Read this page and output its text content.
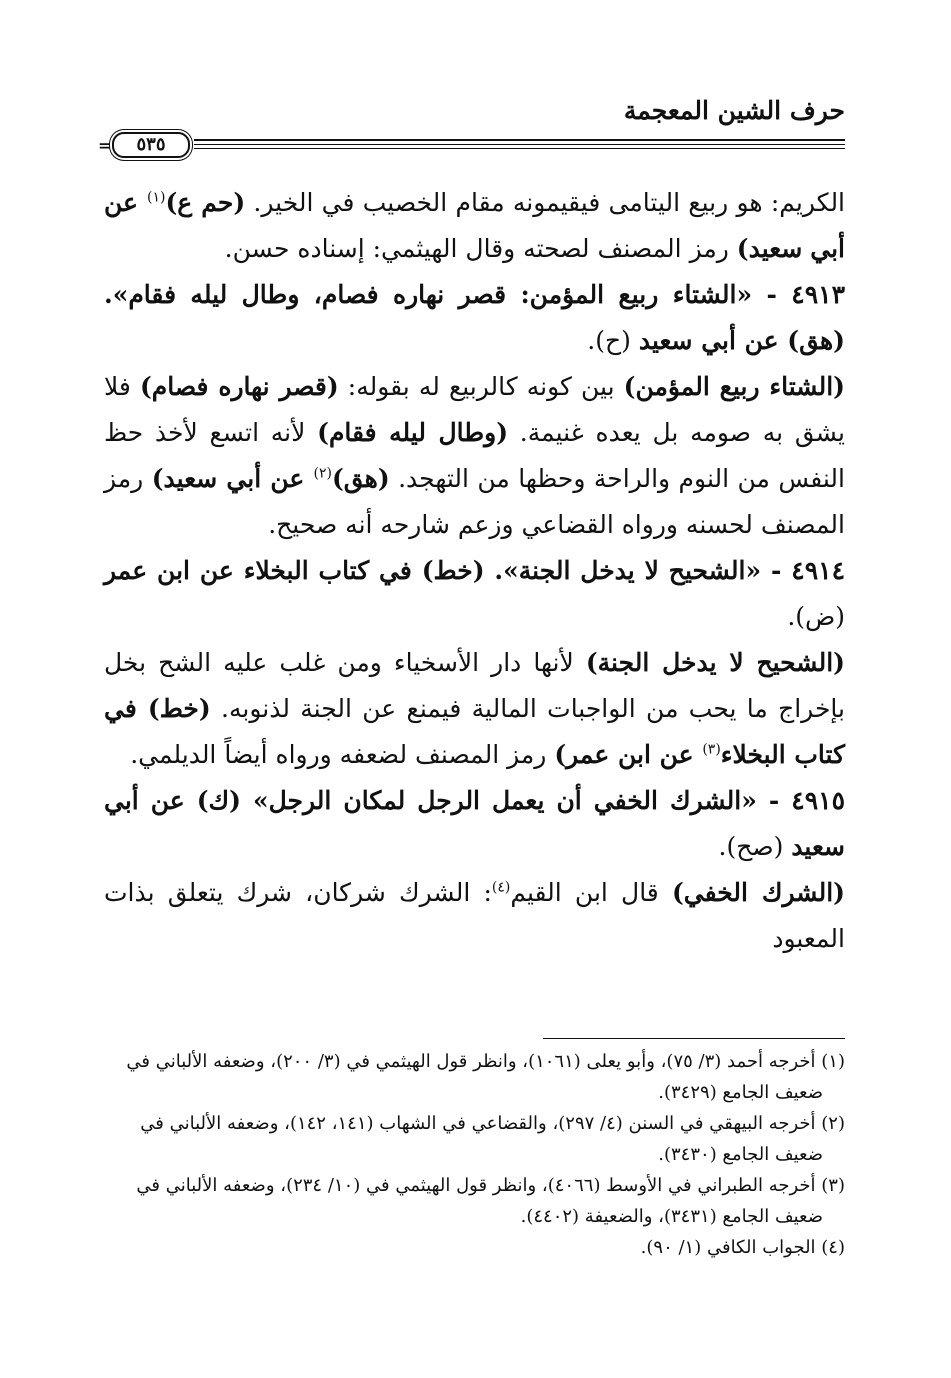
حرف الشين المعجمة
٥٣٥
=

الكريم: هو ربيع اليتامى فيقيمونه مقام الخصيب في الخير. (حم ع)$^{(١)}$ عن أبي سعيد) رمز المصنف لصحته وقال الهيثمي: إسناده حسن.

٤٩١٣ - «الشتاء ربيع المؤمن: قصر نهاره فصام، وطال ليله فقام». (هق) عن أبي سعيد (ح).

(الشتاء ربيع المؤمن) بين كونه كالربيع له بقوله: (قصر نهاره فصام) فلا يشق به صومه بل يعده غنيمة. (وطال ليله فقام) لأنه اتسع لأخذ حظ النفس من النوم والراحة وحظها من التهجد. (هق)$^{(٢)}$ عن أبي سعيد) رمز المصنف لحسنه ورواه القضاعي وزعم شارحه أنه صحيح.

٤٩١٤ - «الشحيح لا يدخل الجنة». (خط) في كتاب البخلاء عن ابن عمر (ض).

(الشحيح لا يدخل الجنة) لأنها دار الأسخياء ومن غلب عليه الشح بخل بإخراج ما يحب من الواجبات المالية فيمنع عن الجنة لذنوبه. (خط) في كتاب البخلاء$^{(٣)}$ عن ابن عمر) رمز المصنف لضعفه ورواه أيضاً الديلمي.

٤٩١٥ - «الشرك الخفي أن يعمل الرجل لمكان الرجل» (ك) عن أبي سعيد (صح).

(الشرك الخفي) قال ابن القيم$^{(٤)}$: الشرك شركان، شرك يتعلق بذات المعبود

(١) أخرجه أحمد (٣/ ٧٥)، وأبو يعلى (١٠٦١)، وانظر قول الهيثمي في (٣/ ٢٠٠)، وضعفه الألباني في
ضعيف الجامع (٣٤٢٩).

(٢) أخرجه البيهقي في السنن (٤/ ٢٩٧)، والقضاعي في الشهاب (١٤١، ١٤٢)، وضعفه الألباني في
ضعيف الجامع (٣٤٣٠).

(٣) أخرجه الطبراني في الأوسط (٤٠٦٦)، وانظر قول الهيثمي في (١٠/ ٢٣٤)، وضعفه الألباني في
ضعيف الجامع (٣٤٣١)، والضعيفة (٤٤٠٢).

(٤) الجواب الكافي (١/ ٩٠).
